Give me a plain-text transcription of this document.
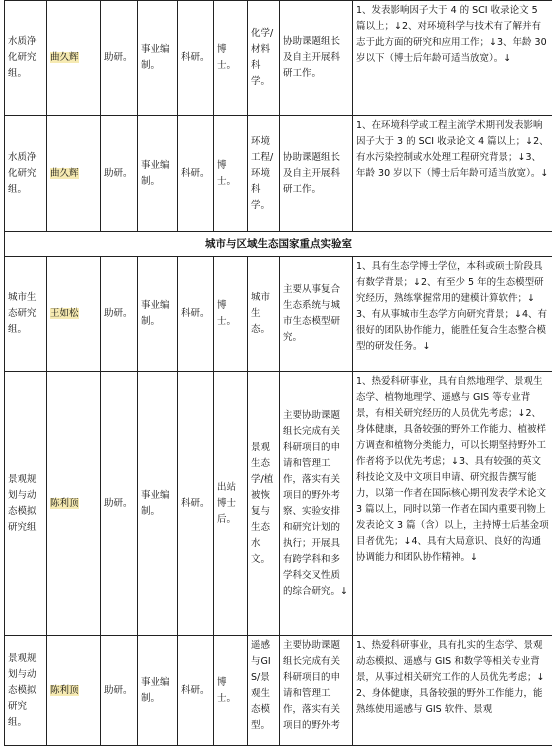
水质净化研究组。	曲久辉	助研。	事业编制。	科研。	博士。	化学/材料科学。	协助课题组长及自主开展科研工作。	1、发表影响因子大于 4 的 SCI 收录论文 5 篇以上；↓2、对环境科学与技术有了解并有志于此方面的研究和应用工作；↓3、年龄 30 岁以下（博士后年龄可适当放宽）。↓
水质净化研究组。	曲久辉	助研。	事业编制。	科研。	博士。	环境工程/环境科学。	协助课题组长及自主开展科研工作。	1、在环境科学或工程主流学术期刊发表影响因子大于 3 的 SCI 收录论文 4 篇以上；↓2、有水污染控制或水处理工程研究背景；↓3、年龄 30 岁以下（博士后年龄可适当放宽）。↓
城市与区域生态国家重点实验室								
城市生态研究组。	王如松	助研。	事业编制。	科研。	博士。	城市生态。	主要从事复合生态系统与城市生态模型研究。	1、具有生态学博士学位，本科或硕士阶段具有数学背景；↓2、有至少 5 年的生态模型研究经历，熟练掌握常用的建模计算软件；↓3、有从事城市生态学方向研究背景；↓4、有很好的团队协作能力，能胜任复合生态整合模型的研发任务。↓
景观规划与动态模拟研究组	陈利顶	助研。	事业编制。	科研。	出站博士后。	景观生态学/植被恢复与生态水文。	主要协助课题组长完成有关科研项目的申请和管理工作，落实有关项目的野外考察、实验安排和研究计划的执行；开展具有跨学科和多学科交叉性质的综合研究。↓	1、热爱科研事业，具有自然地理学、景观生态学、植物地理学、遥感与 GIS 等专业背景，有相关研究经历的人员优先考虑；↓2、身体健康，具备较强的野外工作能力、植被样方调查和植物分类能力，可以长期坚持野外工作者将予以优先考虑；↓3、具有较强的英文科技论文及中文项目申请、研究报告撰写能力，以第一作者在国际核心期刊发表学术论文 3 篇以上，同时以第一作者在国内重要刊物上发表论文 3 篇（含）以上，主持博士后基金项目者优先；↓4、具有大局意识、良好的沟通协调能力和团队协作精神。↓
景观规划与动态模拟研究组。	陈利顶	助研。	事业编制。	科研。	博士。	遥感与GIS/景观生态模型。	主要协助课题组长完成有关科研项目的申请和管理工作，落实有关项目的野外考	1、热爱科研事业，具有扎实的生态学、景观动态模拟、遥感与 GIS 和数学等相关专业背景，从事过相关研究工作的人员优先考虑；↓2、身体健康，具备较强的野外工作能力，能熟练使用遥感与 GIS 软件、景观
